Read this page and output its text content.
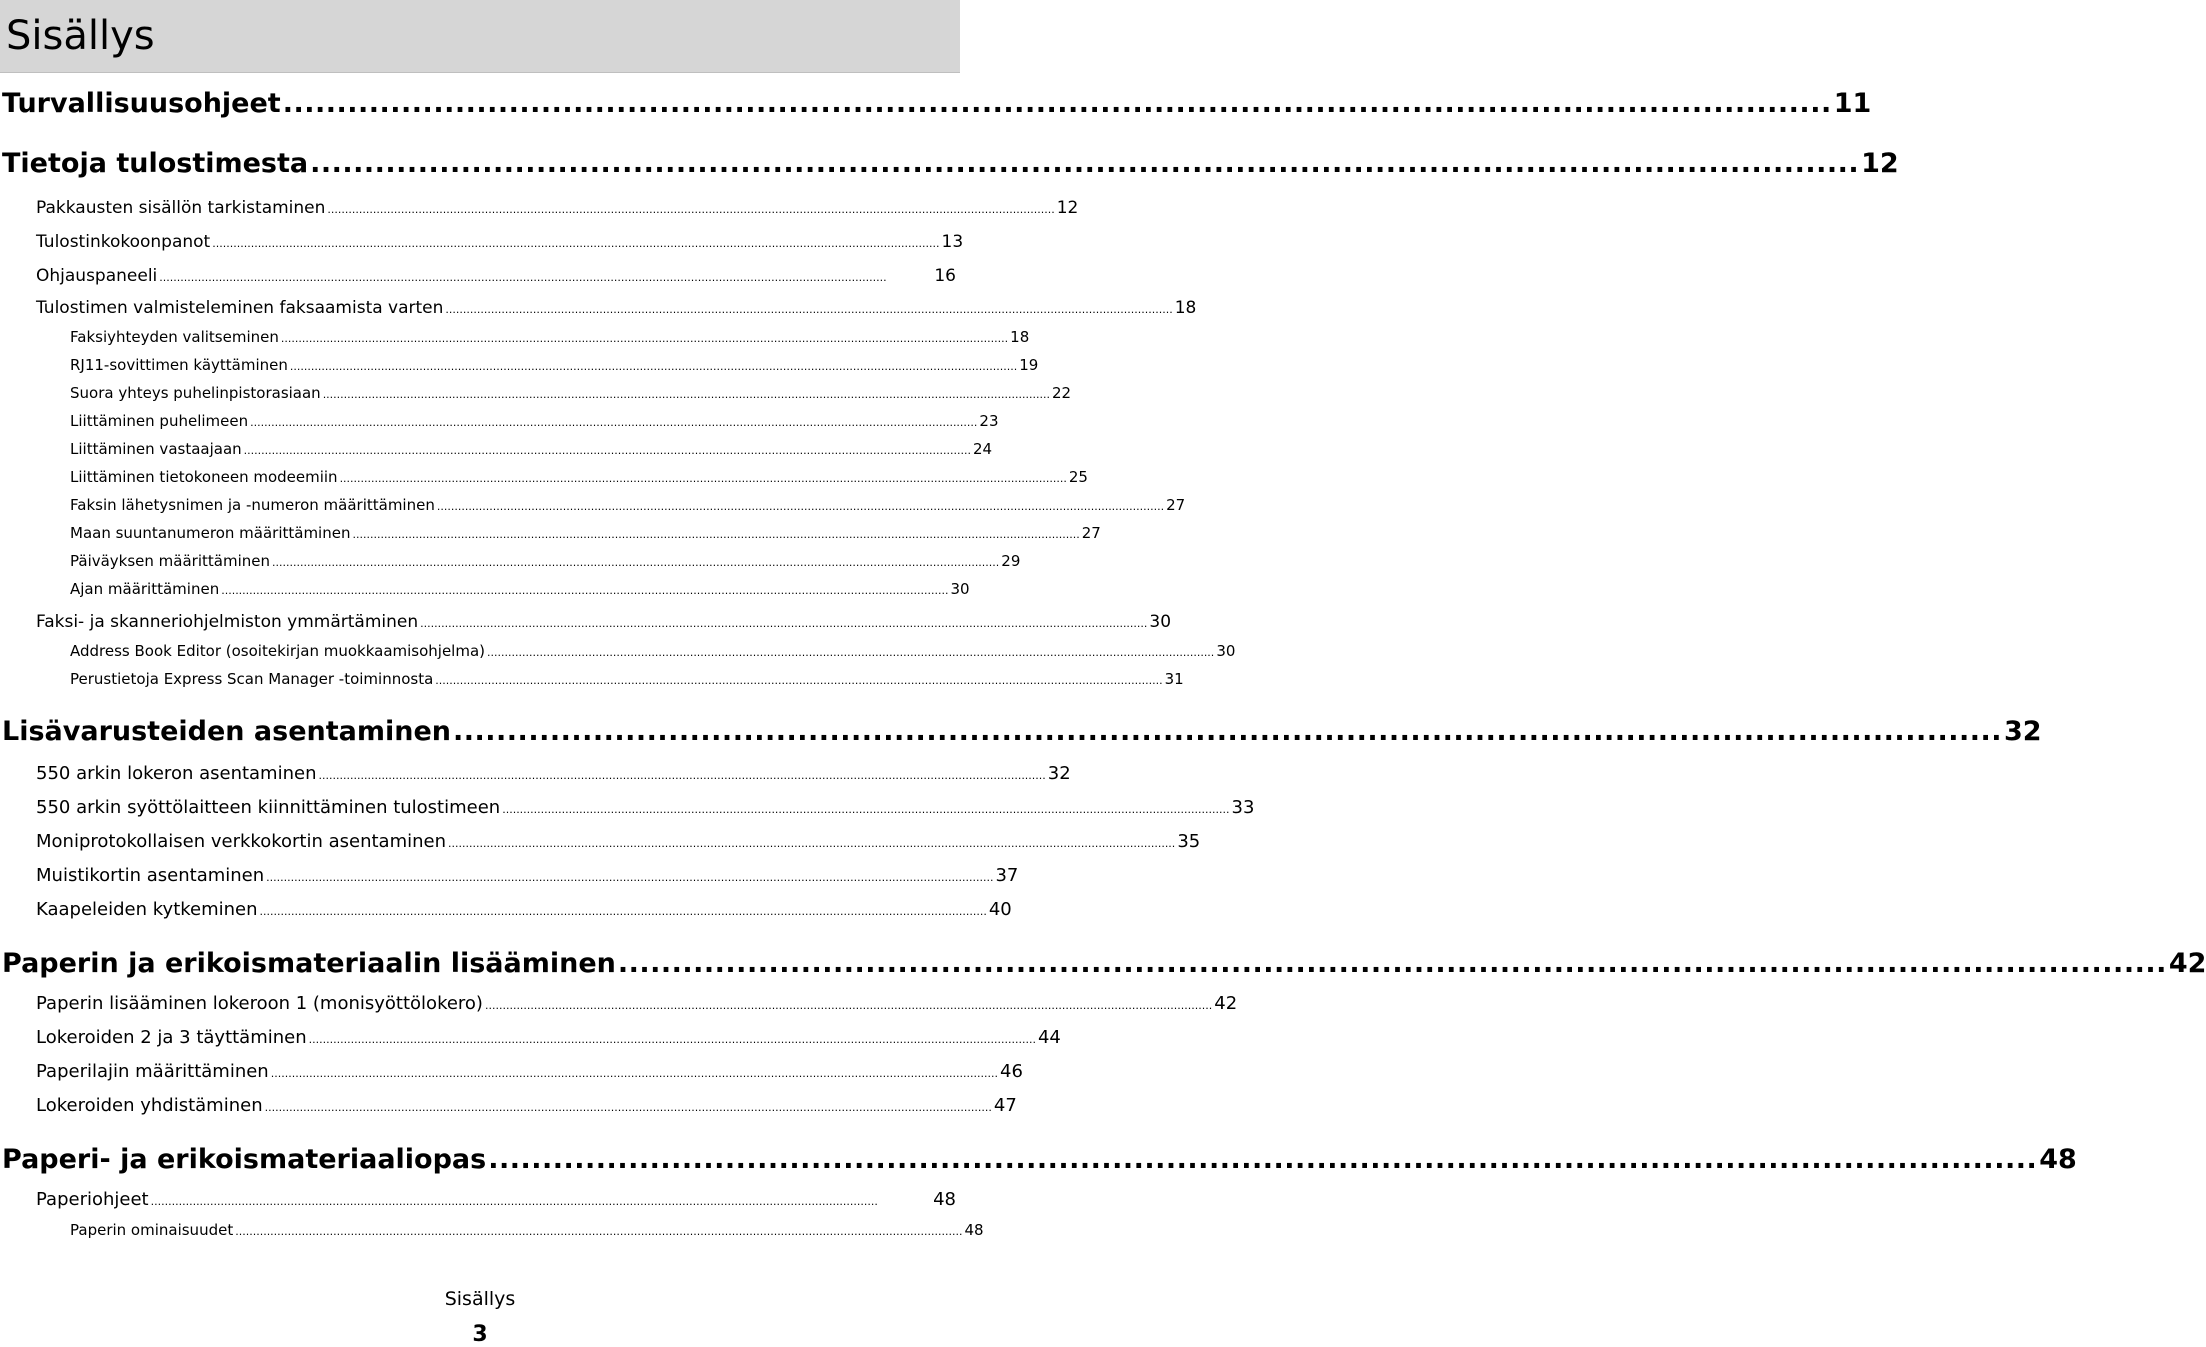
Sisällys
Turvallisuusohjeet ................................................................................................................................................ 11
Tietoja tulostimesta ................................................................................................................................................ 12
Pakkausten sisällön tarkistaminen ................................................................................................................................................................................................................ 12
Tulostinkokoonpanot ................................................................................................................................................................................................................ 13
Ohjauspaneeli ................................................................................................................................................................................................................	16
Tulostimen valmisteleminen faksaamista varten ................................................................................................................................................................................................................ 18
Faksiyhteyden valitseminen ................................................................................................................................................................................................................ 18
RJ11-sovittimen käyttäminen ................................................................................................................................................................................................................ 19
Suora yhteys puhelinpistorasiaan ................................................................................................................................................................................................................ 22
Liittäminen puhelimeen ................................................................................................................................................................................................................ 23
Liittäminen vastaajaan ................................................................................................................................................................................................................ 24
Liittäminen tietokoneen modeemiin ................................................................................................................................................................................................................ 25
Faksin lähetysnimen ja -numeron määrittäminen ................................................................................................................................................................................................................ 27
Maan suuntanumeron määrittäminen ................................................................................................................................................................................................................ 27
Päiväyksen määrittäminen ................................................................................................................................................................................................................ 29
Ajan määrittäminen ................................................................................................................................................................................................................ 30
Faksi- ja skanneriohjelmiston ymmärtäminen ................................................................................................................................................................................................................ 30
Address Book Editor (osoitekirjan muokkaamisohjelma) ................................................................................................................................................................................................................ 30
Perustietoja Express Scan Manager -toiminnosta ................................................................................................................................................................................................................ 31
Lisävarusteiden asentaminen ................................................................................................................................................ 32
550 arkin lokeron asentaminen ................................................................................................................................................................................................................ 32
550 arkin syöttölaitteen kiinnittäminen tulostimeen ................................................................................................................................................................................................................ 33
Moniprotokollaisen verkkokortin asentaminen ................................................................................................................................................................................................................ 35
Muistikortin asentaminen ................................................................................................................................................................................................................ 37
Kaapeleiden kytkeminen ................................................................................................................................................................................................................ 40
Paperin ja erikoismateriaalin lisääminen ................................................................................................................................................ 42
Paperin lisääminen lokeroon 1 (monisyöttölokero) ................................................................................................................................................................................................................ 42
Lokeroiden 2 ja 3 täyttäminen ................................................................................................................................................................................................................ 44
Paperilajin määrittäminen ................................................................................................................................................................................................................ 46
Lokeroiden yhdistäminen ................................................................................................................................................................................................................ 47
Paperi- ja erikoismateriaaliopas ................................................................................................................................................ 48
Paperiohjeet ................................................................................................................................................................................................................	48
Paperin ominaisuudet ................................................................................................................................................................................................................ 48
Sisällys
3
